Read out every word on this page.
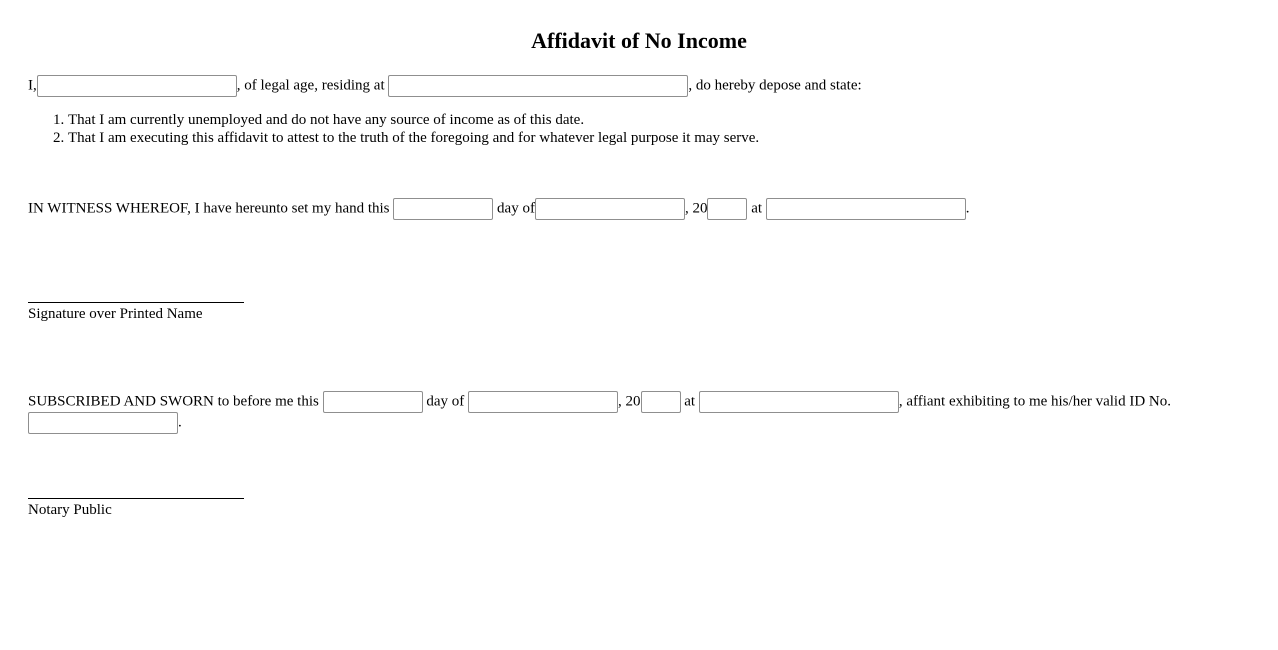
Affidavit of No Income
I,	, of legal age, residing at	, do hereby depose and state:
1. That I am currently unemployed and do not have any source of income as of this date.
2. That I am executing this affidavit to attest to the truth of the foregoing and for whatever legal purpose it may serve.
IN WITNESS WHEREOF, I have hereunto set my hand this	day of	, 20	at	.
Signature over Printed Name
SUBSCRIBED AND SWORN to before me this	day of	, 20	at	, affiant exhibiting to me his/her valid ID No.
.
Notary Public
